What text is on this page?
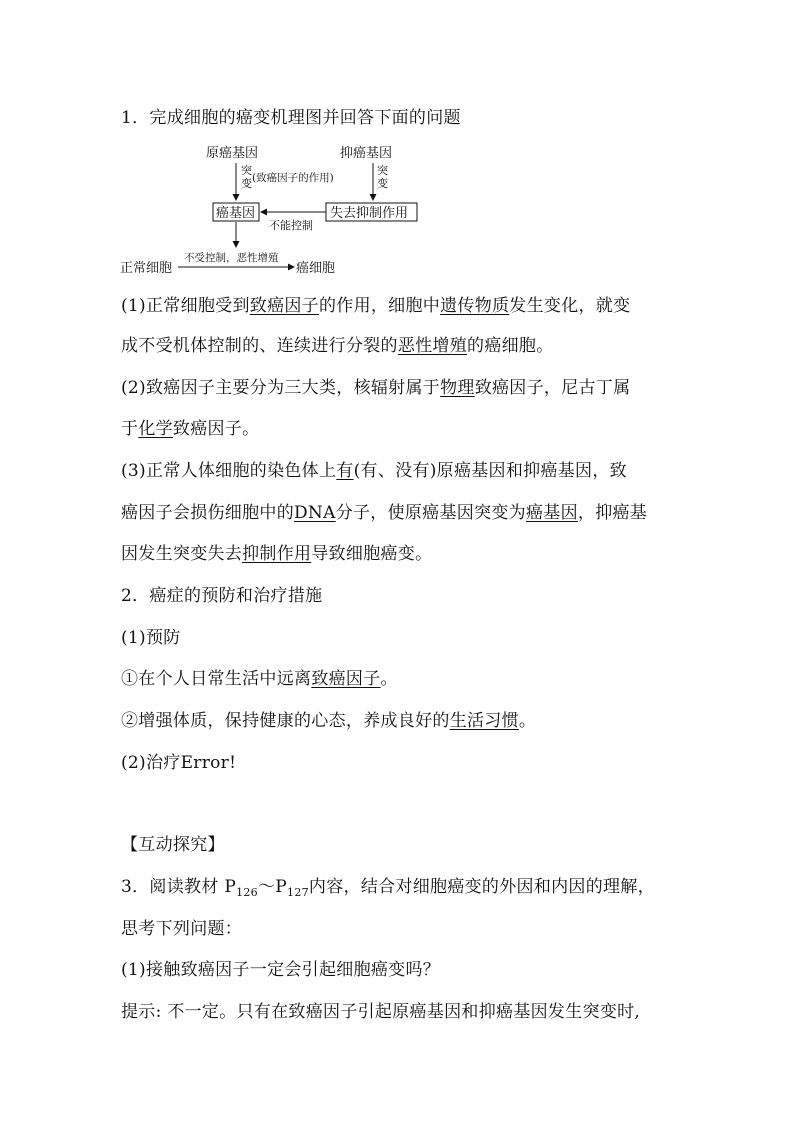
1．完成细胞的癌变机理图并回答下面的问题
原癌基因	抑癌基因
突
变 (致癌因子的作用)
突
变
癌基因	失去抑制作用
不能控制
正常细胞
不受控制，恶性增殖
癌细胞
(1)正常细胞受到致癌因子的作用，细胞中遗传物质发生变化，就变
成不受机体控制的、连续进行分裂的恶性增殖的癌细胞。
(2)致癌因子主要分为三大类，核辐射属于物理致癌因子，尼古丁属
于化学致癌因子。
(3)正常人体细胞的染色体上有(有、没有)原癌基因和抑癌基因，致
癌因子会损伤细胞中的DNA分子，使原癌基因突变为癌基因，抑癌基
因发生突变失去抑制作用导致细胞癌变。
2．癌症的预防和治疗措施
(1)预防
①在个人日常生活中远离致癌因子。
②增强体质，保持健康的心态，养成良好的生活习惯。
(2)治疗Error!
【互动探究】
3．阅读教材 $P_{126}\sim P_{127}$内容，结合对细胞癌变的外因和内因的理解，
思考下列问题：
(1)接触致癌因子一定会引起细胞癌变吗？
提示: 不一定。只有在致癌因子引起原癌基因和抑癌基因发生突变时,
